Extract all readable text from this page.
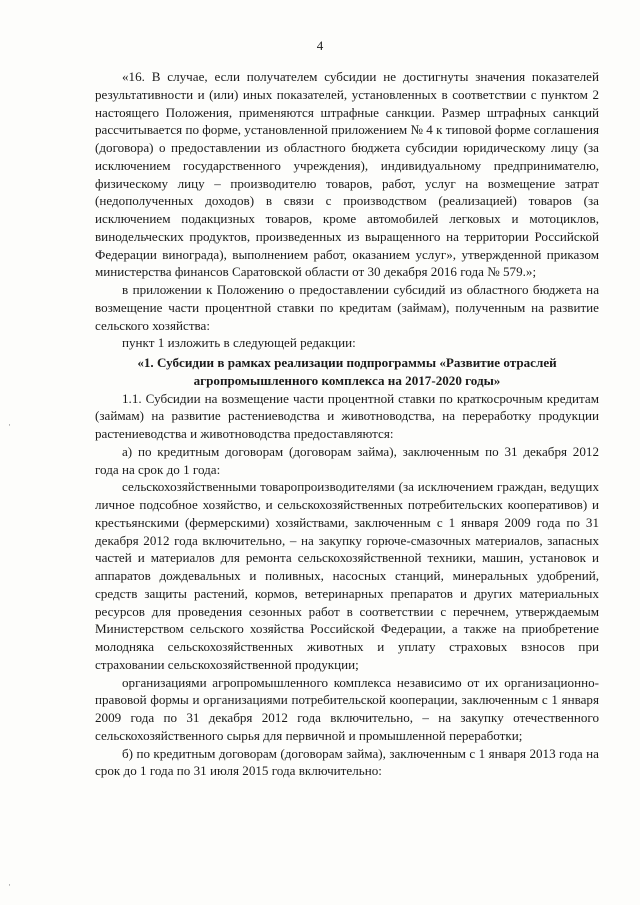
4

«16. В случае, если получателем субсидии не достигнуты значения показателей результативности и (или) иных показателей, установленных в соответствии с пунктом 2 настоящего Положения, применяются штрафные санкции. Размер штрафных санкций рассчитывается по форме, установленной приложением № 4 к типовой форме соглашения (договора) о предоставлении из областного бюджета субсидии юридическому лицу (за исключением государственного учреждения), индивидуальному предпринимателю, физическому лицу – производителю товаров, работ, услуг на возмещение затрат (недополученных доходов) в связи с производством (реализацией) товаров (за исключением подакцизных товаров, кроме автомобилей легковых и мотоциклов, винодельческих продуктов, произведенных из выращенного на территории Российской Федерации винограда), выполнением работ, оказанием услуг», утвержденной приказом министерства финансов Саратовской области от 30 декабря 2016 года № 579.»;

в приложении к Положению о предоставлении субсидий из областного бюджета на возмещение части процентной ставки по кредитам (займам), полученным на развитие сельского хозяйства:

пункт 1 изложить в следующей редакции:

«1. Субсидии в рамках реализации подпрограммы «Развитие отраслей агропромышленного комплекса на 2017-2020 годы»

1.1. Субсидии на возмещение части процентной ставки по краткосрочным кредитам (займам) на развитие растениеводства и животноводства, на переработку продукции растениеводства и животноводства предоставляются:

а) по кредитным договорам (договорам займа), заключенным по 31 декабря 2012 года на срок до 1 года:

сельскохозяйственными товаропроизводителями (за исключением граждан, ведущих личное подсобное хозяйство, и сельскохозяйственных потребительских кооперативов) и крестьянскими (фермерскими) хозяйствами, заключенным с 1 января 2009 года по 31 декабря 2012 года включительно, – на закупку горюче-смазочных материалов, запасных частей и материалов для ремонта сельскохозяйственной техники, машин, установок и аппаратов дождевальных и поливных, насосных станций, минеральных удобрений, средств защиты растений, кормов, ветеринарных препаратов и других материальных ресурсов для проведения сезонных работ в соответствии с перечнем, утверждаемым Министерством сельского хозяйства Российской Федерации, а также на приобретение молодняка сельскохозяйственных животных и уплату страховых взносов при страховании сельскохозяйственной продукции;

организациями агропромышленного комплекса независимо от их организационно-правовой формы и организациями потребительской кооперации, заключенным с 1 января 2009 года по 31 декабря 2012 года включительно, – на закупку отечественного сельскохозяйственного сырья для первичной и промышленной переработки;

б) по кредитным договорам (договорам займа), заключенным с 1 января 2013 года на срок до 1 года по 31 июля 2015 года включительно:

·
·
